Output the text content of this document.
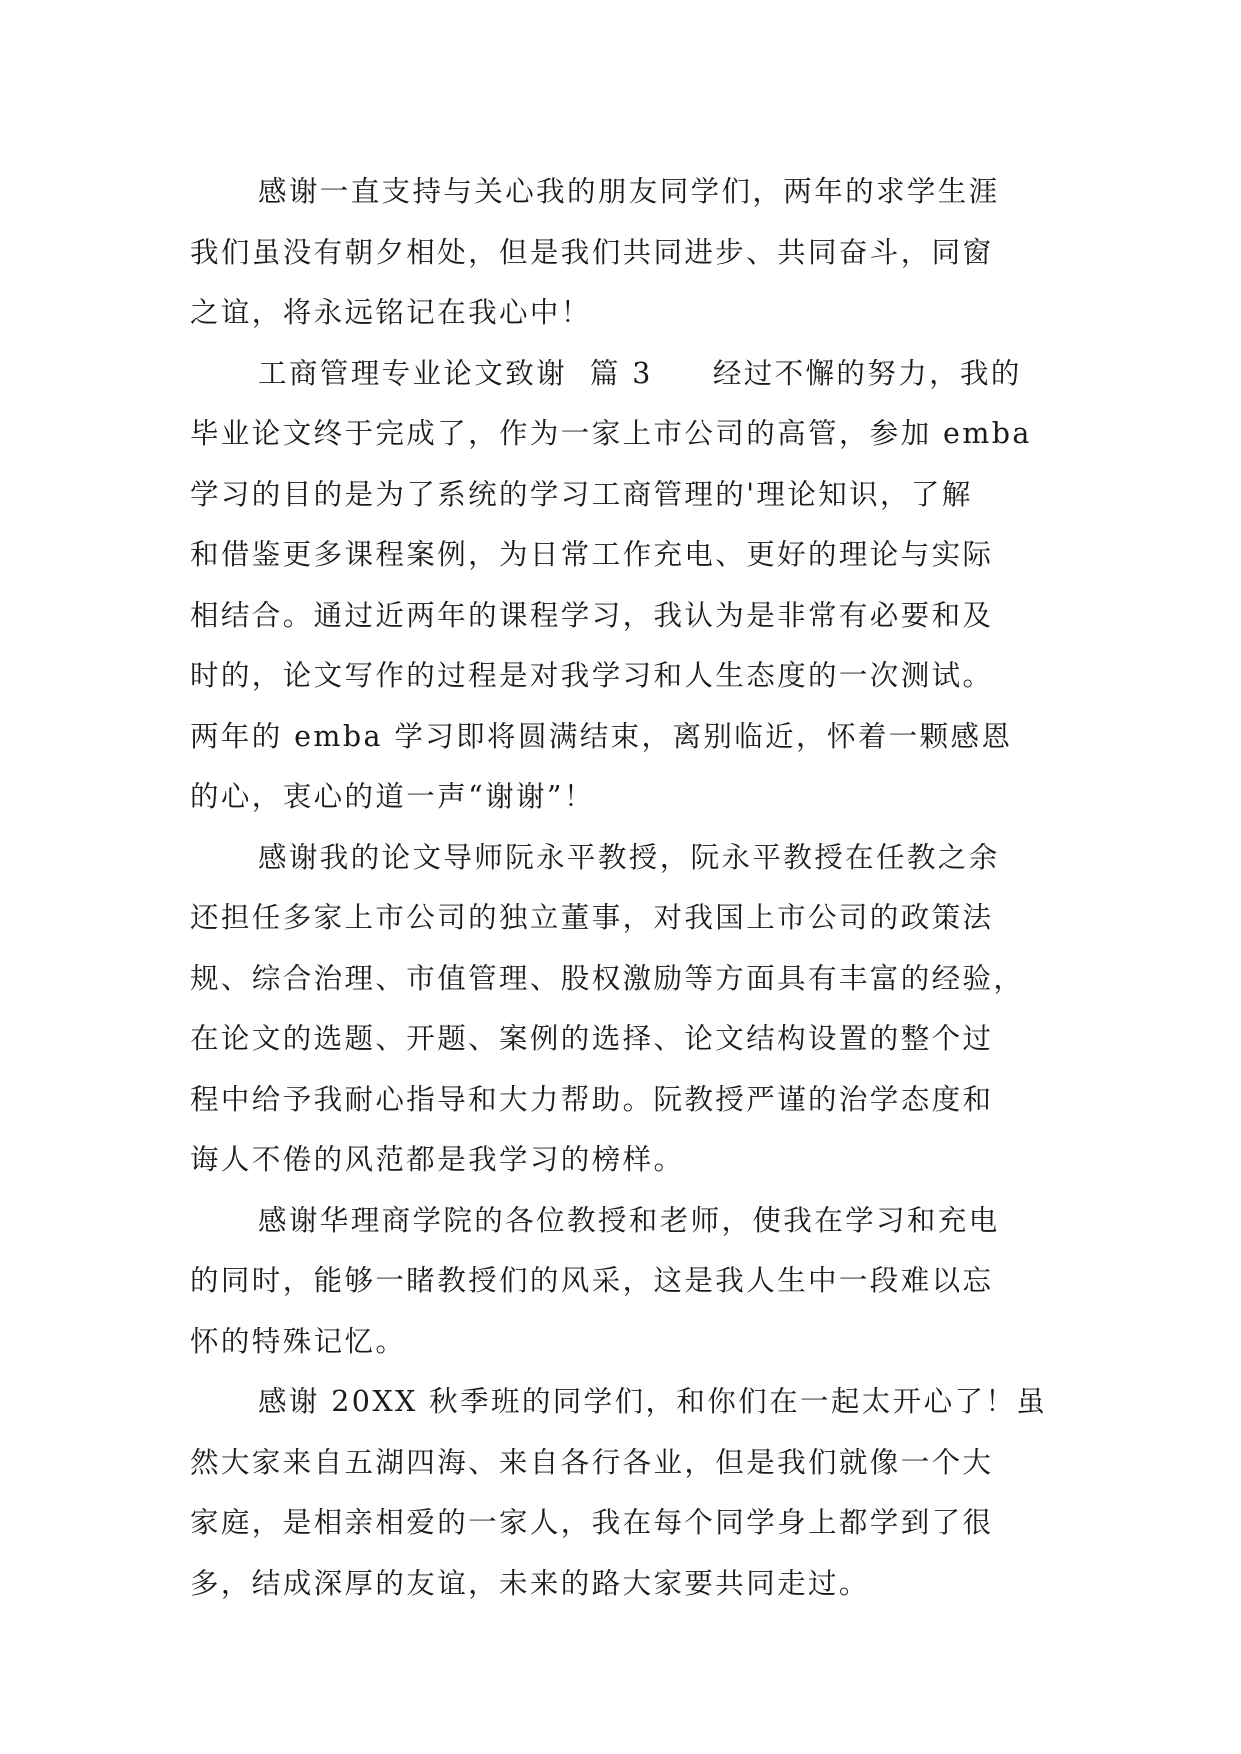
感谢一直支持与关心我的朋友同学们，两年的求学生涯
我们虽没有朝夕相处，但是我们共同进步、共同奋斗，同窗
之谊，将永远铭记在我心中！
工商管理专业论文致谢  篇 3 经过不懈的努力，我的
毕业论文终于完成了，作为一家上市公司的高管，参加 emba
学习的目的是为了系统的学习工商管理的'理论知识，了解
和借鉴更多课程案例，为日常工作充电、更好的理论与实际
相结合。通过近两年的课程学习，我认为是非常有必要和及
时的，论文写作的过程是对我学习和人生态度的一次测试。
两年的 emba 学习即将圆满结束，离别临近，怀着一颗感恩
的心，衷心的道一声“谢谢”！
感谢我的论文导师阮永平教授，阮永平教授在任教之余
还担任多家上市公司的独立董事，对我国上市公司的政策法
规、综合治理、市值管理、股权激励等方面具有丰富的经验，
在论文的选题、开题、案例的选择、论文结构设置的整个过
程中给予我耐心指导和大力帮助。阮教授严谨的治学态度和
诲人不倦的风范都是我学习的榜样。
感谢华理商学院的各位教授和老师，使我在学习和充电
的同时，能够一睹教授们的风采，这是我人生中一段难以忘
怀的特殊记忆。
感谢 20XX 秋季班的同学们，和你们在一起太开心了！虽
然大家来自五湖四海、来自各行各业，但是我们就像一个大
家庭，是相亲相爱的一家人，我在每个同学身上都学到了很
多，结成深厚的友谊，未来的路大家要共同走过。
